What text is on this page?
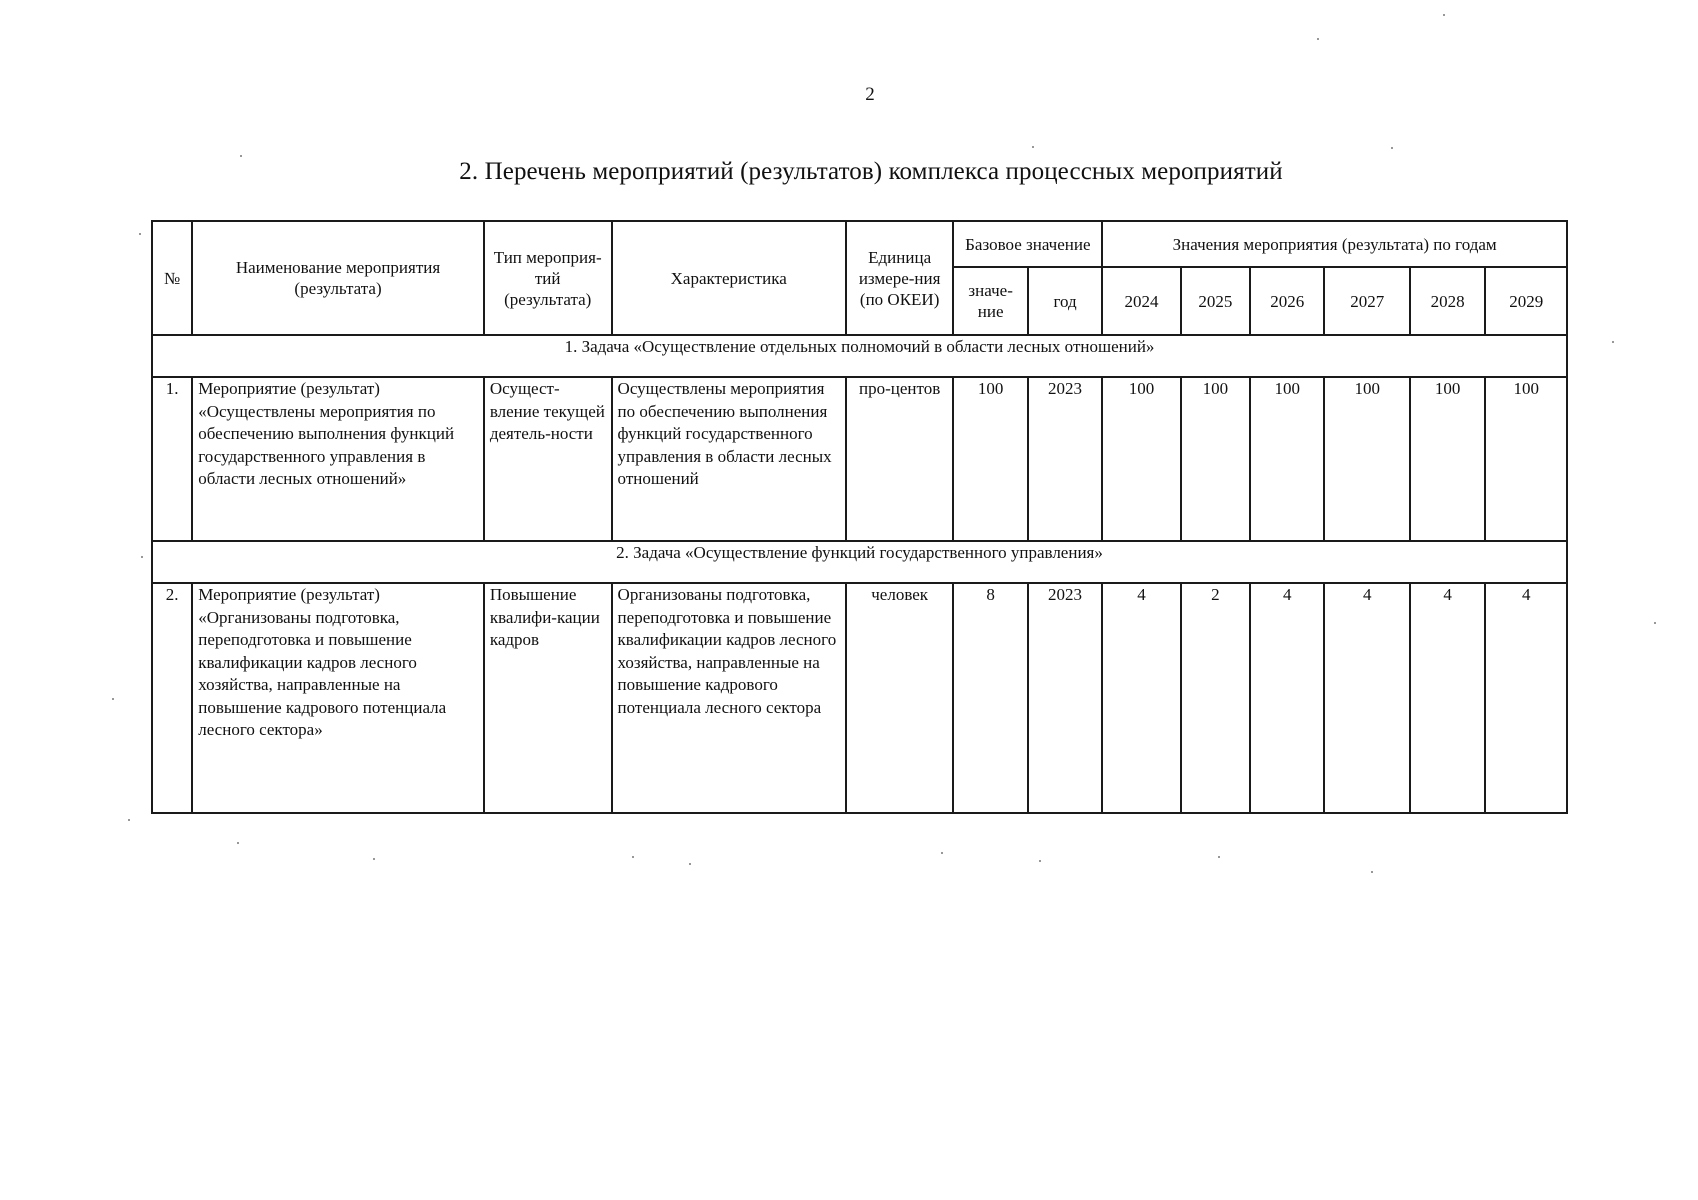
2
2. Перечень мероприятий (результатов) комплекса процессных мероприятий
№	Наименование мероприятия (результата)	Тип мероприя-тий (результата)	Характеристика	Единица измере-ния (по ОКЕИ)	Базовое значение		Значения мероприятия (результата) по годам					
					значе-ние	год	2024	2025	2026	2027	2028	2029
1. Задача «Осуществление отдельных полномочий в области лесных отношений»												
1.	Мероприятие (результат) «Осуществлены мероприятия по обеспечению выполнения функций государственного управления в области лесных отношений»	Осущест-вление текущей деятель-ности	Осуществлены мероприятия по обеспечению выполнения функций государственного управления в области лесных отношений	про-центов	100	2023	100	100	100	100	100	100
2. Задача «Осуществление функций государственного управления»												
2.	Мероприятие (результат) «Организованы подготовка, переподготовка и повышение квалификации кадров лесного хозяйства, направленные на повышение кадрового потенциала лесного сектора»	Повышение квалифи-кации кадров	Организованы подготовка, переподготовка и повышение квалификации кадров лесного хозяйства, направленные на повышение кадрового потенциала лесного сектора	человек	8	2023	4	2	4	4	4	4
